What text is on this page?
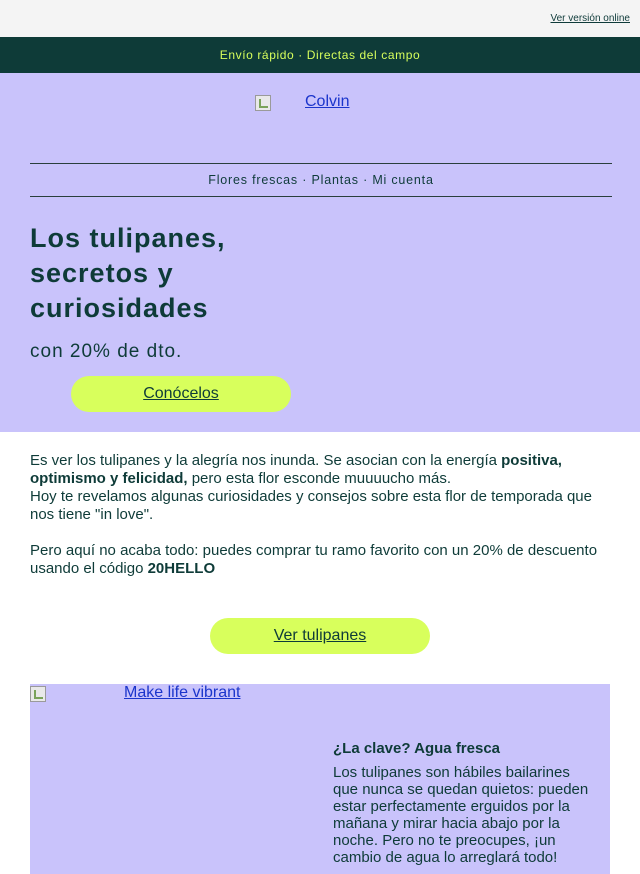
Ver versión online
Envío rápido · Directas del campo
Colvin
Flores frescas · Plantas · Mi cuenta
Los tulipanes, secretos y curiosidades
con 20% de dto.
Conócelos

Es ver los tulipanes y la alegría nos inunda. Se asocian con la energía positiva, optimismo y felicidad, pero esta flor esconde muuuucho más.

Hoy te revelamos algunas curiosidades y consejos sobre esta flor de temporada que nos tiene "in love".

Pero aquí no acaba todo: puedes comprar tu ramo favorito con un 20% de descuento usando el código 20HELLO

Ver tulipanes
Make life vibrant
¿La clave? Agua fresca
Los tulipanes son hábiles bailarines que nunca se quedan quietos: pueden estar perfectamente erguidos por la mañana y mirar hacia abajo por la noche. Pero no te preocupes, ¡un cambio de agua lo arreglará todo!
